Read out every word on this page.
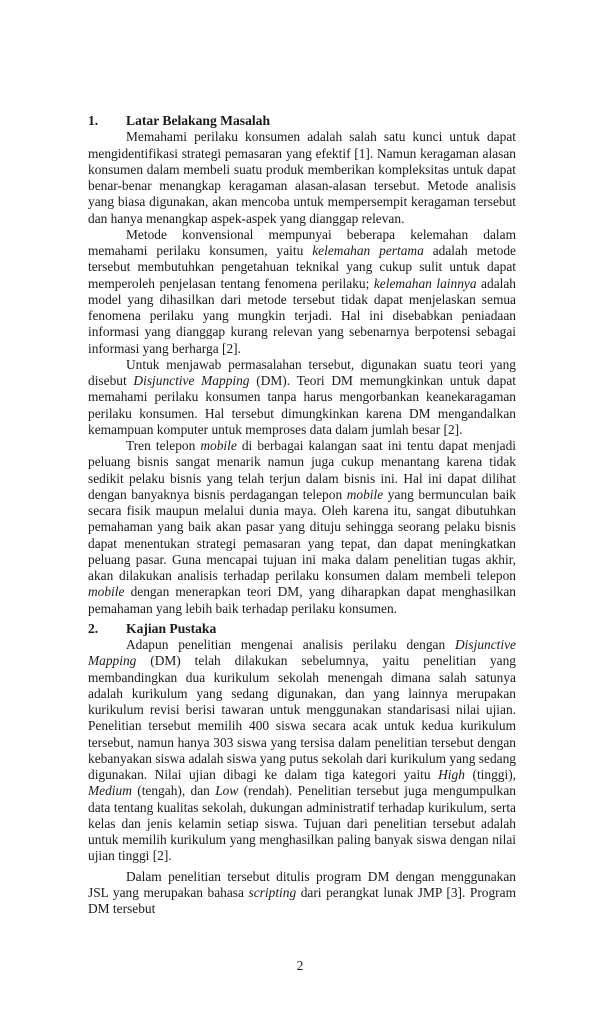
1.	Latar Belakang Masalah

Memahami perilaku konsumen adalah salah satu kunci untuk dapat mengidentifikasi strategi pemasaran yang efektif [1]. Namun keragaman alasan konsumen dalam membeli suatu produk memberikan kompleksitas untuk dapat benar-benar menangkap keragaman alasan-alasan tersebut. Metode analisis yang biasa digunakan, akan mencoba untuk mempersempit keragaman tersebut dan hanya menangkap aspek-aspek yang dianggap relevan.

Metode konvensional mempunyai beberapa kelemahan dalam memahami perilaku konsumen, yaitu kelemahan pertama adalah metode tersebut membutuhkan pengetahuan teknikal yang cukup sulit untuk dapat memperoleh penjelasan tentang fenomena perilaku; kelemahan lainnya adalah model yang dihasilkan dari metode tersebut tidak dapat menjelaskan semua fenomena perilaku yang mungkin terjadi. Hal ini disebabkan peniadaan informasi yang dianggap kurang relevan yang sebenarnya berpotensi sebagai informasi yang berharga [2].

Untuk menjawab permasalahan tersebut, digunakan suatu teori yang disebut Disjunctive Mapping (DM). Teori DM memungkinkan untuk dapat memahami perilaku konsumen tanpa harus mengorbankan keanekaragaman perilaku konsumen. Hal tersebut dimungkinkan karena DM mengandalkan kemampuan komputer untuk memproses data dalam jumlah besar [2].

Tren telepon mobile di berbagai kalangan saat ini tentu dapat menjadi peluang bisnis sangat menarik namun juga cukup menantang karena tidak sedikit pelaku bisnis yang telah terjun dalam bisnis ini. Hal ini dapat dilihat dengan banyaknya bisnis perdagangan telepon mobile yang bermunculan baik secara fisik maupun melalui dunia maya. Oleh karena itu, sangat dibutuhkan pemahaman yang baik akan pasar yang dituju sehingga seorang pelaku bisnis dapat menentukan strategi pemasaran yang tepat, dan dapat meningkatkan peluang pasar. Guna mencapai tujuan ini maka dalam penelitian tugas akhir, akan dilakukan analisis terhadap perilaku konsumen dalam membeli telepon mobile dengan menerapkan teori DM, yang diharapkan dapat menghasilkan pemahaman yang lebih baik terhadap perilaku konsumen.

2.	Kajian Pustaka

Adapun penelitian mengenai analisis perilaku dengan Disjunctive Mapping (DM) telah dilakukan sebelumnya, yaitu penelitian yang membandingkan dua kurikulum sekolah menengah dimana salah satunya adalah kurikulum yang sedang digunakan, dan yang lainnya merupakan kurikulum revisi berisi tawaran untuk menggunakan standarisasi nilai ujian. Penelitian tersebut memilih 400 siswa secara acak untuk kedua kurikulum tersebut, namun hanya 303 siswa yang tersisa dalam penelitian tersebut dengan kebanyakan siswa adalah siswa yang putus sekolah dari kurikulum yang sedang digunakan. Nilai ujian dibagi ke dalam tiga kategori yaitu High (tinggi), Medium (tengah), dan Low (rendah). Penelitian tersebut juga mengumpulkan data tentang kualitas sekolah, dukungan administratif terhadap kurikulum, serta kelas dan jenis kelamin setiap siswa. Tujuan dari penelitian tersebut adalah untuk memilih kurikulum yang menghasilkan paling banyak siswa dengan nilai ujian tinggi [2].

Dalam penelitian tersebut ditulis program DM dengan menggunakan JSL yang merupakan bahasa scripting dari perangkat lunak JMP [3]. Program DM tersebut

2
